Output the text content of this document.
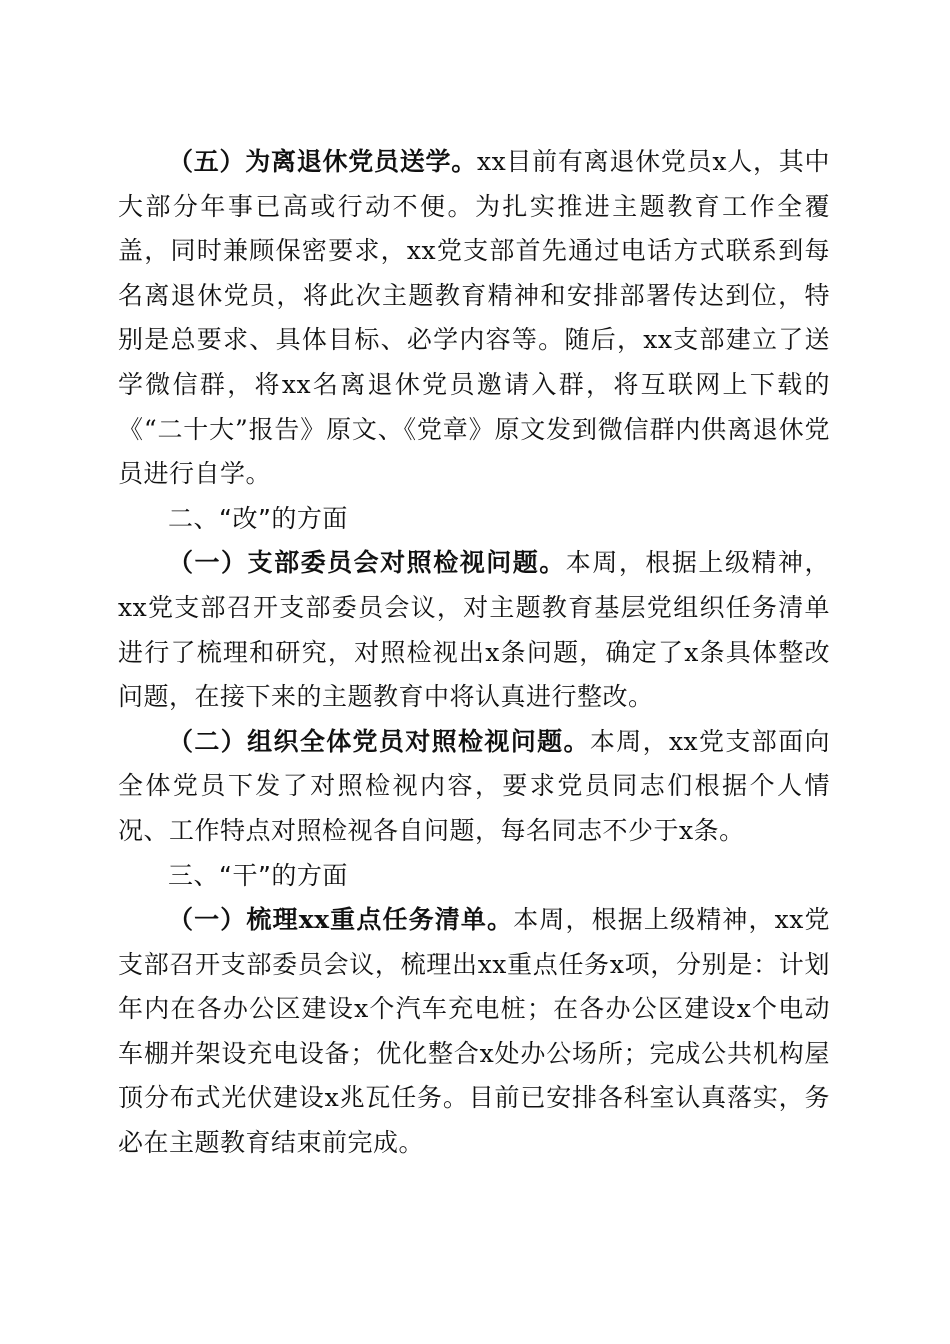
（五）为离退休党员送学。xx目前有离退休党员x人，其中大部分年事已高或行动不便。为扎实推进主题教育工作全覆盖，同时兼顾保密要求，xx党支部首先通过电话方式联系到每名离退休党员，将此次主题教育精神和安排部署传达到位，特别是总要求、具体目标、必学内容等。随后，xx支部建立了送学微信群，将xx名离退休党员邀请入群，将互联网上下载的《“二十大”报告》原文、《党章》原文发到微信群内供离退休党员进行自学。

二、“改”的方面

（一）支部委员会对照检视问题。本周，根据上级精神，xx党支部召开支部委员会议，对主题教育基层党组织任务清单进行了梳理和研究，对照检视出x条问题，确定了x条具体整改问题，在接下来的主题教育中将认真进行整改。

（二）组织全体党员对照检视问题。本周，xx党支部面向全体党员下发了对照检视内容，要求党员同志们根据个人情况、工作特点对照检视各自问题，每名同志不少于x条。

三、“干”的方面

（一）梳理xx重点任务清单。本周，根据上级精神，xx党支部召开支部委员会议，梳理出xx重点任务x项，分别是：计划年内在各办公区建设x个汽车充电桩；在各办公区建设x个电动车棚并架设充电设备；优化整合x处办公场所；完成公共机构屋顶分布式光伏建设x兆瓦任务。目前已安排各科室认真落实，务必在主题教育结束前完成。
